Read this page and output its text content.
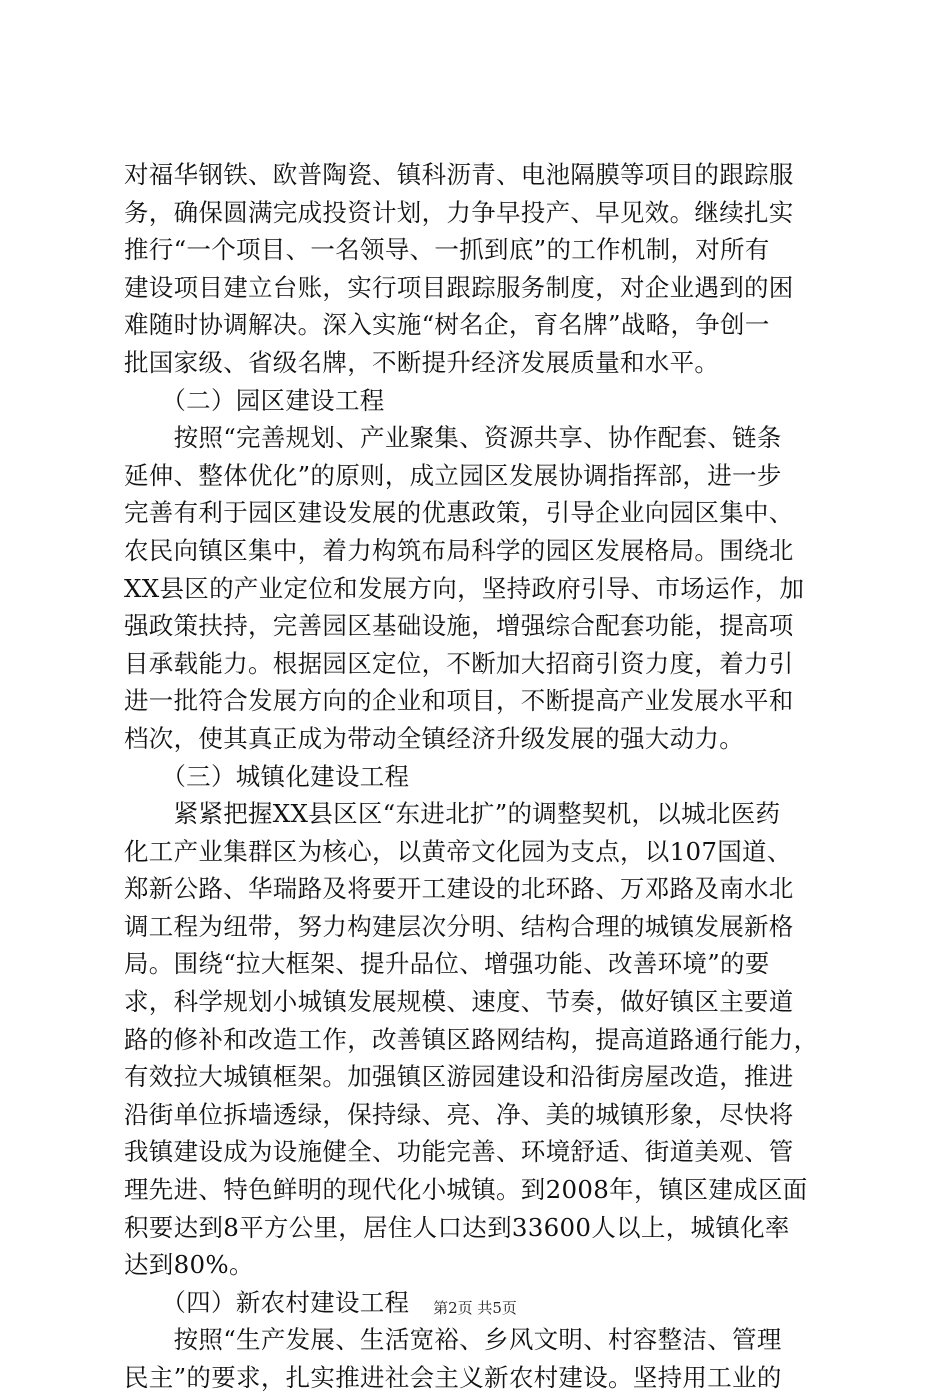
对福华钢铁、欧普陶瓷、镇科沥青、电池隔膜等项目的跟踪服
务，确保圆满完成投资计划，力争早投产、早见效。继续扎实
推行“一个项目、一名领导、一抓到底”的工作机制，对所有
建设项目建立台账，实行项目跟踪服务制度，对企业遇到的困
难随时协调解决。深入实施“树名企，育名牌”战略，争创一
批国家级、省级名牌，不断提升经济发展质量和水平。
　　（二）园区建设工程
　　按照“完善规划、产业聚集、资源共享、协作配套、链条
延伸、整体优化”的原则，成立园区发展协调指挥部，进一步
完善有利于园区建设发展的优惠政策，引导企业向园区集中、
农民向镇区集中，着力构筑布局科学的园区发展格局。围绕北
XX县区的产业定位和发展方向，坚持政府引导、市场运作，加
强政策扶持，完善园区基础设施，增强综合配套功能，提高项
目承载能力。根据园区定位，不断加大招商引资力度，着力引
进一批符合发展方向的企业和项目，不断提高产业发展水平和
档次，使其真正成为带动全镇经济升级发展的强大动力。
　　（三）城镇化建设工程
　　紧紧把握XX县区区“东进北扩”的调整契机，以城北医药
化工产业集群区为核心，以黄帝文化园为支点，以107国道、
郑新公路、华瑞路及将要开工建设的北环路、万邓路及南水北
调工程为纽带，努力构建层次分明、结构合理的城镇发展新格
局。围绕“拉大框架、提升品位、增强功能、改善环境”的要
求，科学规划小城镇发展规模、速度、节奏，做好镇区主要道
路的修补和改造工作，改善镇区路网结构，提高道路通行能力，
有效拉大城镇框架。加强镇区游园建设和沿街房屋改造，推进
沿街单位拆墙透绿，保持绿、亮、净、美的城镇形象，尽快将
我镇建设成为设施健全、功能完善、环境舒适、街道美观、管
理先进、特色鲜明的现代化小城镇。到2008年，镇区建成区面
积要达到8平方公里，居住人口达到33600人以上，城镇化率
达到80%。
　　（四）新农村建设工程
　　按照“生产发展、生活宽裕、乡风文明、村容整洁、管理
民主”的要求，扎实推进社会主义新农村建设。坚持用工业的
第2页 共5页
